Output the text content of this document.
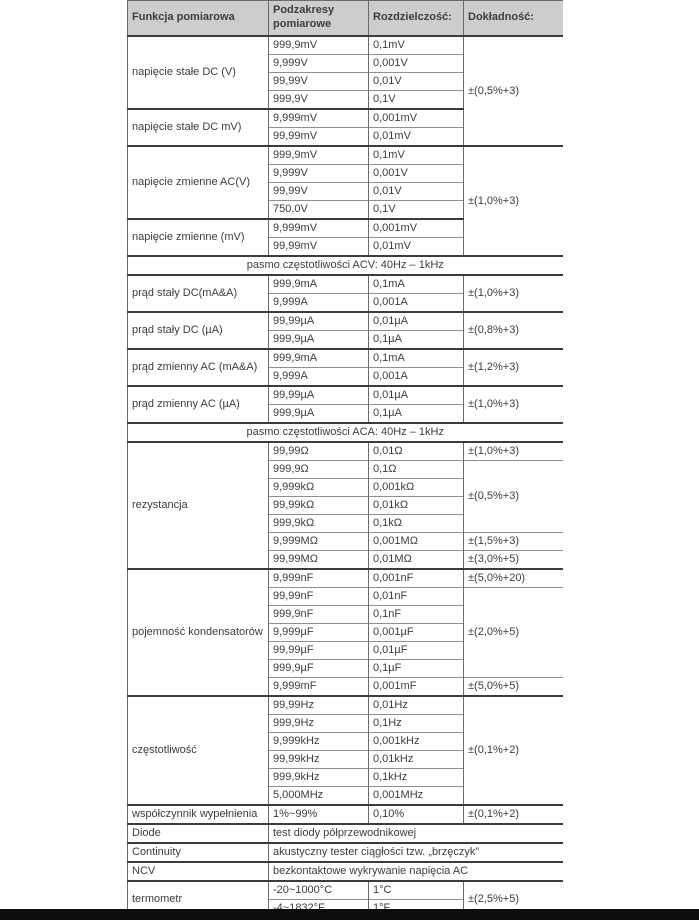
Funkcja pomiarowa	Podzakresy pomiarowe	Rozdzielczość:	Dokładność:
napięcie stałe DC (V)	999,9mV	0,1mV	±(0,5%+3)
	9,999V	0,001V	
	99,99V	0,01V	
	999,9V	0,1V	
napięcie stałe DC mV)	9,999mV	0,001mV	
	99,99mV	0,01mV	
napięcie zmienne AC(V)	999,9mV	0,1mV	±(1,0%+3)
	9,999V	0,001V	
	99,99V	0,01V	
	750,0V	0,1V	
napięcie zmienne (mV)	9,999mV	0,001mV	
	99,99mV	0,01mV	
pasmo częstotliwości ACV: 40Hz – 1kHz			
prąd stały DC(mA&A)	999,9mA	0,1mA	±(1,0%+3)
	9,999A	0,001A	
prąd stały DC (µA)	99,99µA	0,01µA	±(0,8%+3)
	999,9µA	0,1µA	
prąd zmienny AC (mA&A)	999,9mA	0,1mA	±(1,2%+3)
	9,999A	0,001A	
prąd zmienny AC (µA)	99,99µA	0,01µA	±(1,0%+3)
	999,9µA	0,1µA	
pasmo częstotliwości ACA: 40Hz – 1kHz			
rezystancja	99,99Ω	0,01Ω	±(1,0%+3)
	999,9Ω	0,1Ω	±(0,5%+3)
	9,999kΩ	0,001kΩ	
	99,99kΩ	0,01kΩ	
	999,9kΩ	0,1kΩ	
	9,999MΩ	0,001MΩ	±(1,5%+3)
	99,99MΩ	0,01MΩ	±(3,0%+5)
pojemność kondensatorów	9,999nF	0,001nF	±(5,0%+20)
	99,99nF	0,01nF	±(2,0%+5)
	999,9nF	0,1nF	
	9,999µF	0,001µF	
	99,99µF	0,01µF	
	999,9µF	0,1µF	
	9,999mF	0,001mF	±(5,0%+5)
częstotliwość	99,99Hz	0,01Hz	±(0,1%+2)
	999,9Hz	0,1Hz	
	9,999kHz	0,001kHz	
	99,99kHz	0,01kHz	
	999,9kHz	0,1kHz	
	5,000MHz	0,001MHz	
współczynnik wypełnienia	1%~99%	0,10%	±(0,1%+2)
Diode	test diody półprzewodnikowej		
Continuity	akustyczny tester ciągłości tzw. „brzęczyk”		
NCV	bezkontaktowe wykrywanie napięcia AC		
termometr	-20~1000°C	1°C	±(2,5%+5)
